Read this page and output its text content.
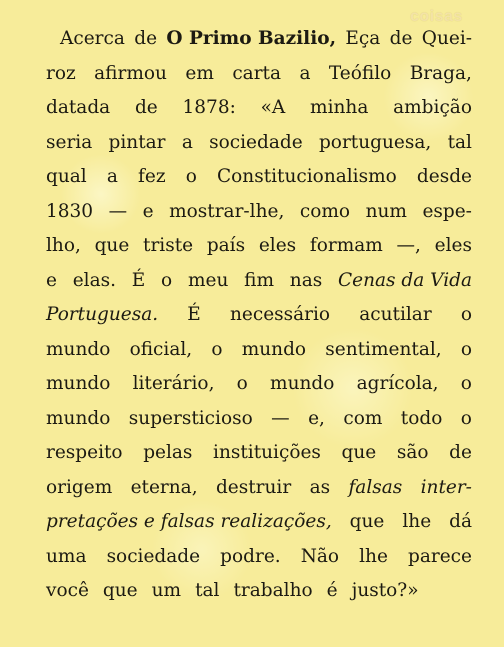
coisas
Acerca de O Primo Bazilio, Eça de Quei-
roz afirmou em carta a Teófilo Braga,
datada de 1878: «A minha ambição
seria pintar a sociedade portuguesa, tal
qual a fez o Constitucionalismo desde
1830 — e mostrar-lhe, como num espe-
lho, que triste país eles formam —, eles
e elas. É o meu fim nas Cenas da Vida
Portuguesa. É necessário acutilar o
mundo oficial, o mundo sentimental, o
mundo literário, o mundo agrícola, o
mundo supersticioso — e, com todo o
respeito pelas instituições que são de
origem eterna, destruir as falsas inter-
pretações e falsas realizações, que lhe dá
uma sociedade podre. Não lhe parece
você que um tal trabalho é justo?»
